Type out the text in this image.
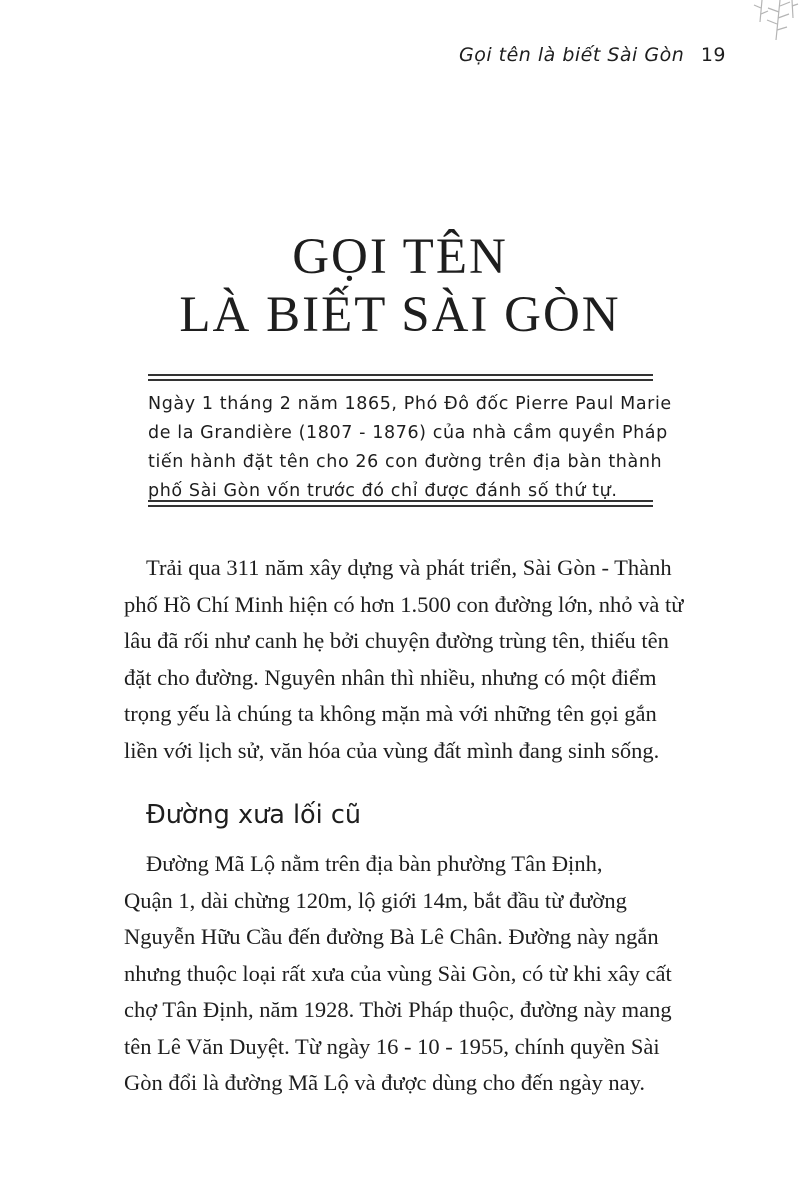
Gọi tên là biết Sài Gòn 19
GỌI TÊN
LÀ BIẾT SÀI GÒN
Ngày 1 tháng 2 năm 1865, Phó Đô đốc Pierre Paul Marie
de la Grandière (1807 - 1876) của nhà cầm quyền Pháp
tiến hành đặt tên cho 26 con đường trên địa bàn thành
phố Sài Gòn vốn trước đó chỉ được đánh số thứ tự.
Trải qua 311 năm xây dựng và phát triển, Sài Gòn - Thành
phố Hồ Chí Minh hiện có hơn 1.500 con đường lớn, nhỏ và từ
lâu đã rối như canh hẹ bởi chuyện đường trùng tên, thiếu tên
đặt cho đường. Nguyên nhân thì nhiều, nhưng có một điểm
trọng yếu là chúng ta không mặn mà với những tên gọi gắn
liền với lịch sử, văn hóa của vùng đất mình đang sinh sống.
Đường xưa lối cũ
Đường Mã Lộ nằm trên địa bàn phường Tân Định,
Quận 1, dài chừng 120m, lộ giới 14m, bắt đầu từ đường
Nguyễn Hữu Cầu đến đường Bà Lê Chân. Đường này ngắn
nhưng thuộc loại rất xưa của vùng Sài Gòn, có từ khi xây cất
chợ Tân Định, năm 1928. Thời Pháp thuộc, đường này mang
tên Lê Văn Duyệt. Từ ngày 16 - 10 - 1955, chính quyền Sài
Gòn đổi là đường Mã Lộ và được dùng cho đến ngày nay.
